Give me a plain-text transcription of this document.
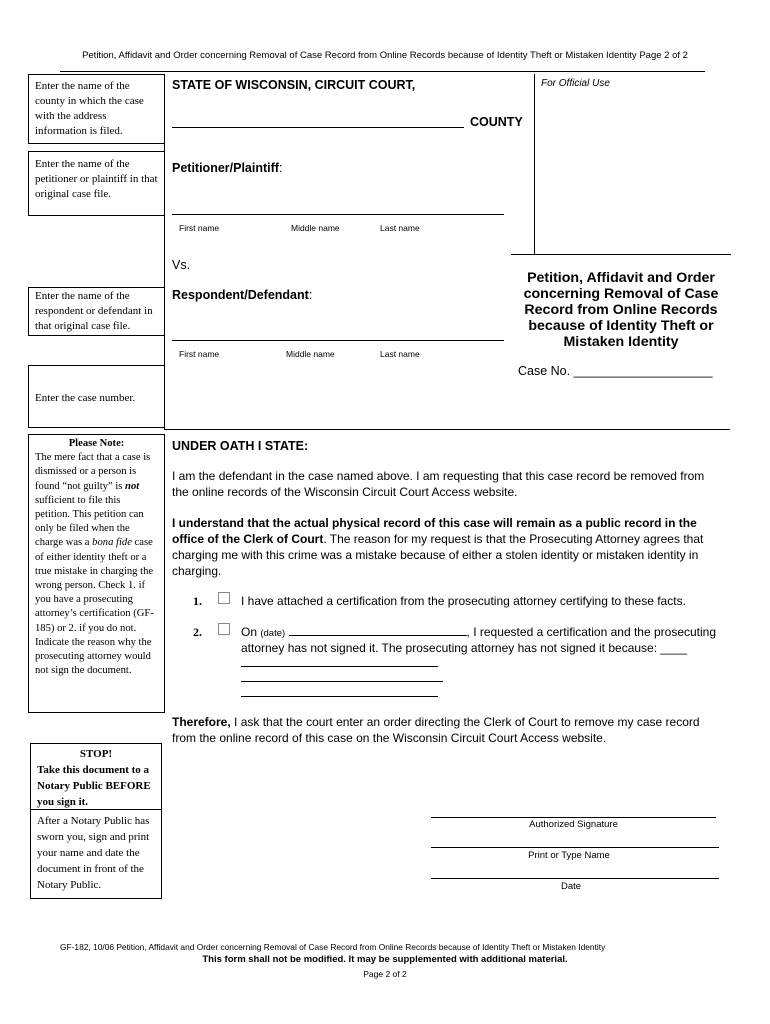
Petition, Affidavit and Order concerning Removal of Case Record from Online Records because of Identity Theft or Mistaken Identity Page 2 of 2
Enter the name of the county in which the case with the address information is filed.
Enter the name of the petitioner or plaintiff in that original case file.
Enter the name of the respondent or defendant in that original case file.
Enter the case number.
Please Note:
The mere fact that a case is dismissed or a person is found “not guilty” is not sufficient to file this petition. This petition can only be filed when the charge was a bona fide case of either identity theft or a true mistake in charging the wrong person. Check 1. if you have a prosecuting attorney’s certification (GF-185) or 2. if you do not. Indicate the reason why the prosecuting attorney would not sign the document.
STOP!
Take this document to a Notary Public BEFORE you sign it.
After a Notary Public has sworn you, sign and print your name and date the document in front of the Notary Public.
STATE OF WISCONSIN, CIRCUIT COURT,	For Official Use
COUNTY
Petitioner/Plaintiff:
First name	Middle name	Last name
Vs.
Respondent/Defendant:
First name	Middle name	Last name
Petition, Affidavit and Order concerning Removal of Case Record from Online Records because of Identity Theft or Mistaken Identity
Case No. ____________________
UNDER OATH I STATE:
I am the defendant in the case named above. I am requesting that this case record be removed from the online records of the Wisconsin Circuit Court Access website.
I understand that the actual physical record of this case will remain as a public record in the office of the Clerk of Court. The reason for my request is that the Prosecuting Attorney agrees that charging me with this crime was a mistake because of either a stolen identity or mistaken identity in charging.
1.	I have attached a certification from the prosecuting attorney certifying to these facts.
2.	On (date)	, I requested a certification and the prosecuting
attorney has not signed it. The prosecuting attorney has not signed it because: ____
Therefore, I ask that the court enter an order directing the Clerk of Court to remove my case record from the online record of this case on the Wisconsin Circuit Court Access website.
Authorized Signature
Print or Type Name
Date
GF-182, 10/06 Petition, Affidavit and Order concerning Removal of Case Record from Online Records because of Identity Theft or Mistaken Identity
This form shall not be modified. It may be supplemented with additional material.
Page 2 of 2
